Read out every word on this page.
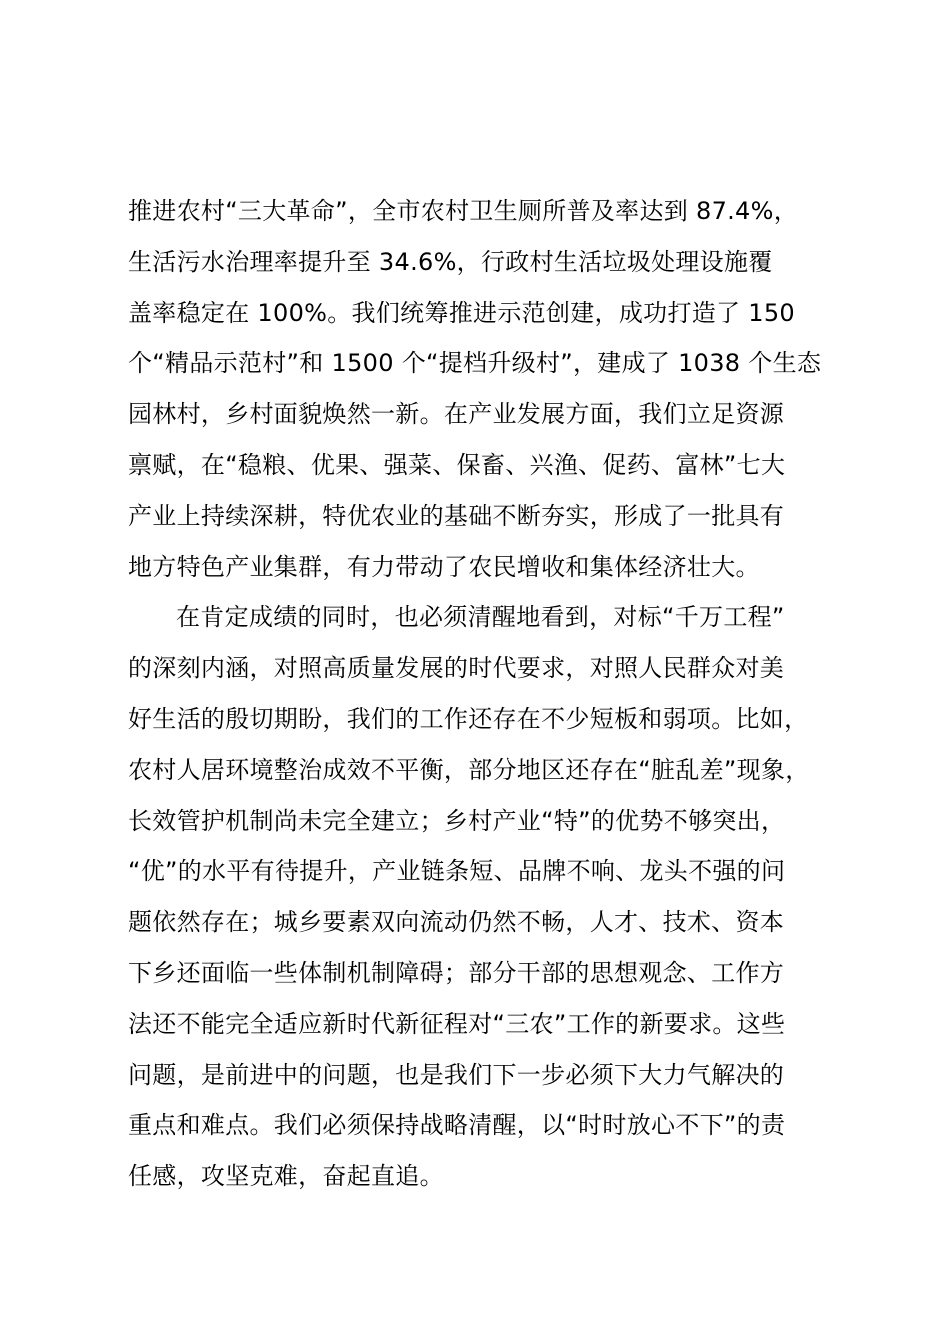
推进农村“三大革命”，全市农村卫生厕所普及率达到 87.4%，
生活污水治理率提升至 34.6%，行政村生活垃圾处理设施覆
盖率稳定在 100%。我们统筹推进示范创建，成功打造了 150
个“精品示范村”和 1500 个“提档升级村”，建成了 1038 个生态
园林村，乡村面貌焕然一新。在产业发展方面，我们立足资源
禀赋，在“稳粮、优果、强菜、保畜、兴渔、促药、富林”七大
产业上持续深耕，特优农业的基础不断夯实，形成了一批具有
地方特色产业集群，有力带动了农民增收和集体经济壮大。
在肯定成绩的同时，也必须清醒地看到，对标“千万工程”
的深刻内涵，对照高质量发展的时代要求，对照人民群众对美
好生活的殷切期盼，我们的工作还存在不少短板和弱项。比如，
农村人居环境整治成效不平衡，部分地区还存在“脏乱差”现象，
长效管护机制尚未完全建立；乡村产业“特”的优势不够突出，
“优”的水平有待提升，产业链条短、品牌不响、龙头不强的问
题依然存在；城乡要素双向流动仍然不畅，人才、技术、资本
下乡还面临一些体制机制障碍；部分干部的思想观念、工作方
法还不能完全适应新时代新征程对“三农”工作的新要求。这些
问题，是前进中的问题，也是我们下一步必须下大力气解决的
重点和难点。我们必须保持战略清醒，以“时时放心不下”的责
任感，攻坚克难，奋起直追。
